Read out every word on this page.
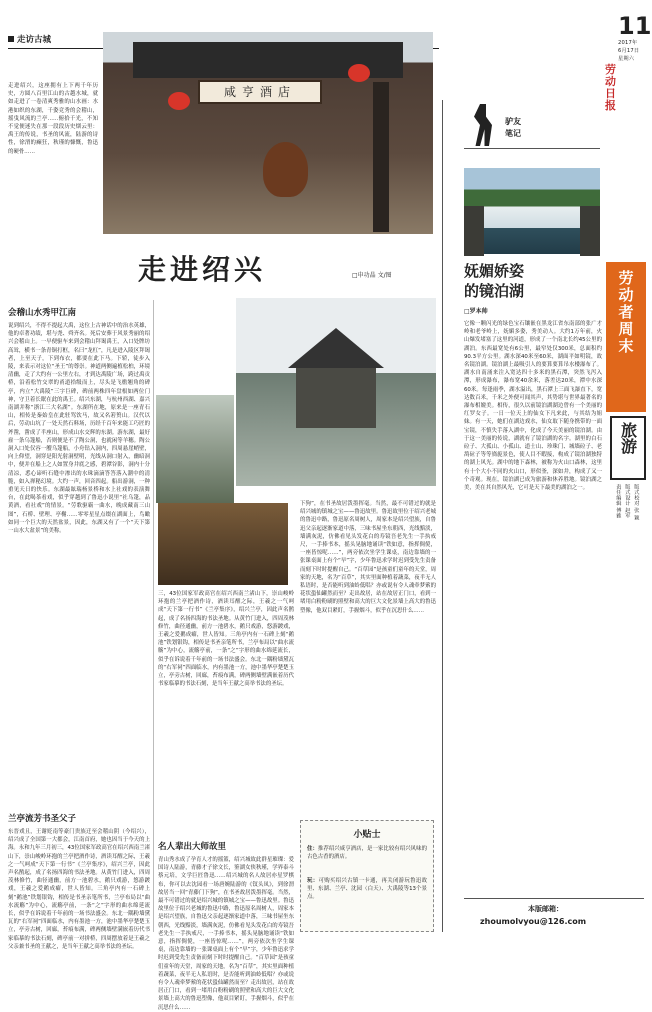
走访古城
咸亨酒店
走进绍兴，这座拥有上下两千年历史，方圆八百里江山的古越水城，就如走进了一卷清爽秀雅的山水画：水港如织的东湖，千姿竞秀的会稽山，摇曳风流的兰亭……俯拾千光，不知不觉便迷失在那一段段历史烟云里：禹王的传说，书圣的风流，陆游的诗性，徐渭的癫狂，秋瑾的慷慨，鲁迅的硬骨……
走进绍兴	□申功晶 文/图
会稽山水秀甲江南
说到绍兴，不得不提起大禹，这位上古神话中的治水英雄，他的卓著功绩，堪与尧、舜齐名。死后安葬于风景秀丽的绍兴会稽山上。一早便驱车来到会稽山拜谒禹王，入口处牌坊高耸，横书一条青铜打框，名曰“龙杠”，凡是进入陵区拜谒者，上至天子，下到布衣，都要在此下马。下轿，徒步入陵，来表示对这位“圣王”的尊崇。神道两侧遍植松柏，环境清幽，走了大约有一公里左右，才到达禹陵广场，跨过禹贡桥，沿着松竹交翠的甬道拾级而上，尽头是飞檐翘角的碑亭，内立“大禹陵”三字巨碑，碑前两株四年盘根如两位门神，守卫着长眠在此的禹王。绍兴东湖，与杭州西湖、嘉兴南湖并称“浙江三大名湖”。东湖所在地，原来是一座青石山，相传是秦始皇在此驻骂饮马，故又名箬篑山。汉代以后，劳动山坑了一处天然石料场，历经千百年来能工巧匠的斧凿，凿成了半座山，形成山水交辉的东湖。游东湖，最好雇一条乌篷船，否则便是不了陶公洞，也就闲等羊穗。陶公洞入口处仅容一艘乌篷船，小舟钻入洞内，四周悬崖峭壁，向上仰望，洞穿是阳光射洞壁明，光线从洞口射入，幽暗洞中，便并在船上之人如置身井底之感，碧潭谷影，洞内十分清凉，悉心谛听石缝中渗出的水珠滴滴答答落入潮中的清脆，如入禅秘幻境。大约一声，回音四起。船出游洞，一种重见天日的快乐。东湖最眩瑞杨景桥和水上社戏的表演舞台，在此喝茶看戏，似乎穿越到了鲁迅小说里“社乌篷，品黄酒，看社戏”的情景。“劳歌驱霸一曲水，晚成藏南三山图”，石桥、壁理、亭榭……零零星星点缀在湖面上，鸟瞰如同一个巨大的天然盆景，因此，东湖又有了一个“天下第一山水大盆景”的美称。
兰亭流芳书圣父子
东晋戏且，王谢贬南等豪门贵族迁至会稽山阴（今绍兴），绍兴成了全国第一大都会，江南首府，她也因当于今天的上海。永和九年三月初三，43位国家军政高官在绍兴西南兰渚山下，崇山峻岭环抱的兰亭把酒作诗，酒读耳醒之际，王羲之一气呵成“天下第一行书”《兰亭集序》，绍兴兰亭，因此声名鹊起，成了名扬四海的书法圣地。从黄竹门进入，四周茂林修竹，曲径通幽，前方一池碧水，鹅只戏游，悠游踱戏，王羲之爱鹅成癖，世人皆知。三角亭内有一石碑上刻“鹅池”铁划银钩，相传是书圣亲笔所书，兰亭布局以“曲水流觞”为中心，流觞亭前，一条“之”字形的曲水绵延流长，似乎在诉说着千年前的一场书法盛会。东北一隅粉墙黛瓦的“右军祠”四面临水，内有墨池一方，池中墨华亭楚楚玉立，亭旁古树，回廊，苔痕布满，碑两侧墙壁满嵌着历代书家临摹的书法石刻，碑亭前一对拼桥，四周摆放着是王羲之父亲兼书圣的王献之，是当年王献之高举书法的圣坛。
三，43位国家军政高官在绍兴西南兰渚山下，崇山峻岭环抱的兰亭把酒作诗，酒读耳醒之际，王羲之一气呵成“天下第一行书”《兰亭集序》，绍兴兰亭，因此声名鹊起，成了名扬四海的书法圣地。从黄竹门进入，四周茂林修竹，曲径通幽，前方一池碧水，鹅只戏游，悠游踱戏，王羲之爱鹅成癖，世人皆知。三角亭内有一石碑上刻“鹅池”铁划银钩，相传是书圣亲笔所书，兰亭布局以“曲水流觞”为中心，流觞亭前，一条“之”字形的曲水绵延流长，似乎在诉说着千年前的一场书法盛会。东北一隅粉墙黛瓦的“右军祠”四面临水，内有墨池一方，池中墨华亭楚楚玉立，亭旁古树，回廊，苔痕布满，碑两侧墙壁满嵌着历代书家临摹的书法石刻，是当年王献之高举书法的圣坛。
名人辈出大师故里
青山秀水成了孕育人才的摇篮，绍兴城故此群星璀璨：爱国诗人陆游，青藤才子徐文长，鉴湖女侠秋瑾，学界泰斗蔡元培，文学巨匠鲁迅……绍兴城的名人故居亦星罗棋布，你可以去沈园看一场唐婉陆游的《钗头凤》，到徐渭故居当一回“青藤门下狗”，在书圣故居泼墨挥毫。当然，最不可错过的就是绍兴城的镇城之宝——鲁迅故里。鲁迅故里位于绍兴老城的鲁迅中路，鲁迅原名周树人，周家本是绍兴望族，自鲁迅父亲起逐渐家道中落，三味书屋坐东朝西，光线黯淡，墙满灰泥，仿佛看见头发花白的寿镜吾老先生一手执戒尺，一手捧书本，摇头晃脑地诵读“铁如意，指挥倜傥，一座皆惊呢……”，两旁依次坐学生课桌，南边靠墙的一张课桌面上有个“早”字，少年鲁迅求学时迟到受先生责备而刻下时时提醒自己。“百草园”是孩童们童年的天堂，周家的天地，名为“百草”，其实里面种植着蔬菜，夜半无人私语时，是否能听到油蛉低唱？亦或说有令人魂牵梦萦的花状蛩仙罐然而至？走出故居，站在故居正门口，看到一堵用白粉粉刷的照壁和高大的巨大文化景墙上高大的鲁迅塑像，他双目紧盯，手握烟斗，似乎在沉思什么……
下狗”，在书圣故居泼墨挥毫。当然，最不可错过的就是绍兴城的镇城之宝——鲁迅故里。鲁迅故里位于绍兴老城的鲁迅中路，鲁迅原名周树人，周家本是绍兴望族，自鲁迅父亲起逐渐家道中落，三味书屋坐东朝西，光线黯淡，墙满灰泥，仿佛看见头发花白的寿镜吾老先生一手执戒尺，一手捧书本，摇头晃脑地诵读“铁如意，指挥倜傥，一座皆惊呢……”，两旁依次坐学生课桌，南边靠墙的一张课桌面上有个“早”字，少年鲁迅求学时迟到受先生责备而刻下时时提醒自己。“百草园”是孩童们童年的天堂，周家的天地，名为“百草”，其实里面种植着蔬菜，夜半无人私语时，是否能听到油蛉低唱？亦或说有令人魂牵梦萦的花状蛩仙罐然而至？走出故居，站在故居正门口，看到一堵用白粉粉刷的照壁和高大的巨大文化景墙上高大的鲁迅塑像，他双目紧盯，手握烟斗，似乎在沉思什么……
小贴士
住：推荐绍兴咸亨酒店，是一家比较有绍兴风味的古色古香的酒店。
玩：可购买绍兴古镇一卡通，再关闭游玩鲁迅故里、东湖、兰亭、沈园（白天）、大禹陵等13个景点。
11
2017年
6月17日
星期六
劳动日报
驴友
笔记
妩媚娇姿
的镜泊湖
□罗本帅
它像一颗闪光的绿色宝石镶嵌在黑龙江省东南部的张广才岭和老爷岭上，妩媚多姿，秀美动人。大约1万年前，火山爆发堵塞了这里的河道，形成了一个南北长约45公里的湖泊。东西最宽处有6公里，最窄处仅300米，总面积约90.3平方公里。湖水深40米至60米，湖面平如明镜，故名镜泊湖。镜泊湖上最吸引人的要算要算吊水楼瀑布了。湖水自南涌来注入宽达四十多米的黑石潭，突然飞泻入潭，形成瀑布，瀑布宽40余米，落差达20米，潭中水深60米。每逢雨季，湖水溢出，黑石潭上三面飞瀑直下，宽达数百米，千米之外便可闻其声，其势堪与世界最著名的瀑布相媲美。相传，很久以前镜泊湖湖边曾有一个美丽的红罗女子。一日一位天上的仙女下凡来此，与其结为姐妹。有一天，她们在湖边戏水，仙女取下随身携带的一面宝镜，不慎失手落入湖中，化成了今天美丽的镜泊湖。由于这一美丽的传说，湖就有了镜泊湖的名字。湖里的白石砬子、大孤山、小孤山、道士山、珍珠门、城墙砬子、老鸹砬子等等旖旎景色，使人目不暇接，构成了镜泊湖独特的湖上风光。湖中的地下森林，被称为火山口森林，这里有十个大小不同的火山口，形似釜，深如井，构成了又一个奇观。现在，镜泊湖已成为旅游和休养胜地。镜泊湖之美，美在其自然风光，它可是天下最美的湖泊之一。
劳动者周末
旅游
责任编辑 傅雅 版式设计 赵军 版式校对 张 颖
本版邮箱：
zhoumolvyou@126.com
